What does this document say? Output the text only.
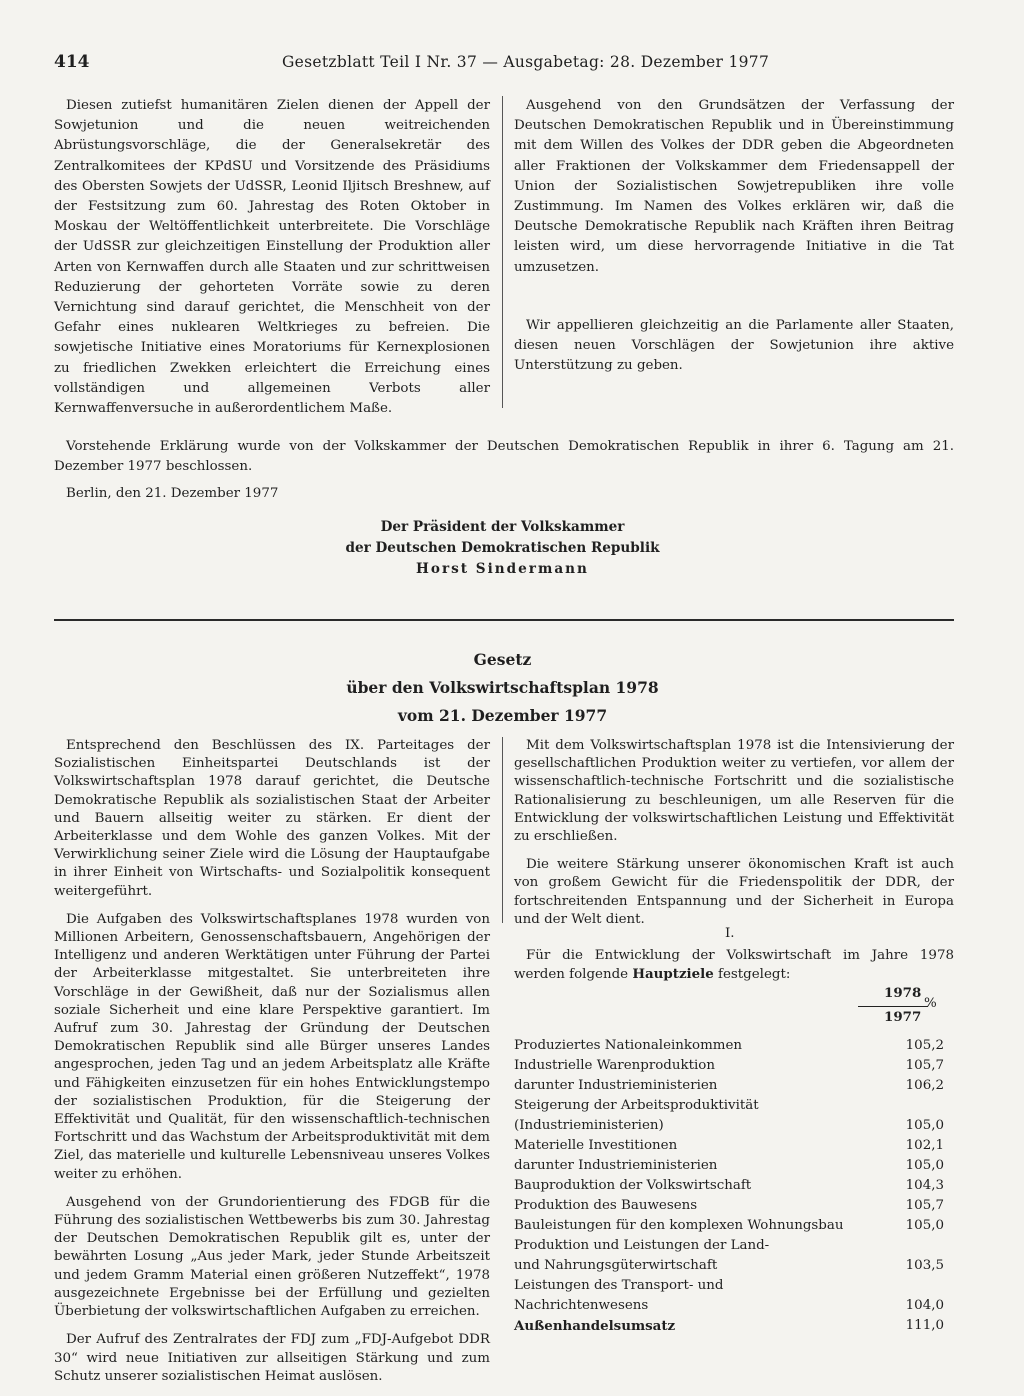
414	Gesetzblatt Teil I Nr. 37 — Ausgabetag: 28. Dezember 1977

Diesen zutiefst humanitären Zielen dienen der Appell der Sowjetunion und die neuen weitreichenden Abrüstungsvorschläge, die der Generalsekretär des Zentralkomitees der KPdSU und Vorsitzende des Präsidiums des Obersten Sowjets der UdSSR, Leonid Iljitsch Breshnew, auf der Festsitzung zum 60. Jahrestag des Roten Oktober in Moskau der Weltöffentlichkeit unterbreitete. Die Vorschläge der UdSSR zur gleichzeitigen Einstellung der Produktion aller Arten von Kernwaffen durch alle Staaten und zur schrittweisen Reduzierung der gehorteten Vorräte sowie zu deren Vernichtung sind darauf gerichtet, die Menschheit von der Gefahr eines nuklearen Weltkrieges zu befreien. Die sowjetische Initiative eines Moratoriums für Kernexplosionen zu friedlichen Zwekken erleichtert die Erreichung eines vollständigen und allgemeinen Verbots aller Kernwaffenversuche in außerordentlichem Maße.

Ausgehend von den Grundsätzen der Verfassung der Deutschen Demokratischen Republik und in Übereinstimmung mit dem Willen des Volkes der DDR geben die Abgeordneten aller Fraktionen der Volkskammer dem Friedensappell der Union der Sozialistischen Sowjetrepubliken ihre volle Zustimmung. Im Namen des Volkes erklären wir, daß die Deutsche Demokratische Republik nach Kräften ihren Beitrag leisten wird, um diese hervorragende Initiative in die Tat umzusetzen.

Wir appellieren gleichzeitig an die Parlamente aller Staaten, diesen neuen Vorschlägen der Sowjetunion ihre aktive Unterstützung zu geben.

Vorstehende Erklärung wurde von der Volkskammer der Deutschen Demokratischen Republik in ihrer 6. Tagung am 21. Dezember 1977 beschlossen.

Berlin, den 21. Dezember 1977
Der Präsident der Volkskammer
der Deutschen Demokratischen Republik
Horst Sindermann
Gesetz
über den Volkswirtschaftsplan 1978
vom 21. Dezember 1977

Entsprechend den Beschlüssen des IX. Parteitages der Sozialistischen Einheitspartei Deutschlands ist der Volkswirtschaftsplan 1978 darauf gerichtet, die Deutsche Demokratische Republik als sozialistischen Staat der Arbeiter und Bauern allseitig weiter zu stärken. Er dient der Arbeiterklasse und dem Wohle des ganzen Volkes. Mit der Verwirklichung seiner Ziele wird die Lösung der Hauptaufgabe in ihrer Einheit von Wirtschafts- und Sozialpolitik konsequent weitergeführt.

Die Aufgaben des Volkswirtschaftsplanes 1978 wurden von Millionen Arbeitern, Genossenschaftsbauern, Angehörigen der Intelligenz und anderen Werktätigen unter Führung der Partei der Arbeiterklasse mitgestaltet. Sie unterbreiteten ihre Vorschläge in der Gewißheit, daß nur der Sozialismus allen soziale Sicherheit und eine klare Perspektive garantiert. Im Aufruf zum 30. Jahrestag der Gründung der Deutschen Demokratischen Republik sind alle Bürger unseres Landes angesprochen, jeden Tag und an jedem Arbeitsplatz alle Kräfte und Fähigkeiten einzusetzen für ein hohes Entwicklungstempo der sozialistischen Produktion, für die Steigerung der Effektivität und Qualität, für den wissenschaftlich-technischen Fortschritt und das Wachstum der Arbeitsproduktivität mit dem Ziel, das materielle und kulturelle Lebensniveau unseres Volkes weiter zu erhöhen.

Ausgehend von der Grundorientierung des FDGB für die Führung des sozialistischen Wettbewerbs bis zum 30. Jahrestag der Deutschen Demokratischen Republik gilt es, unter der bewährten Losung „Aus jeder Mark, jeder Stunde Arbeitszeit und jedem Gramm Material einen größeren Nutzeffekt“, 1978 ausgezeichnete Ergebnisse bei der Erfüllung und gezielten Überbietung der volkswirtschaftlichen Aufgaben zu erreichen.

Der Aufruf des Zentralrates der FDJ zum „FDJ-Aufgebot DDR 30“ wird neue Initiativen zur allseitigen Stärkung und zum Schutz unserer sozialistischen Heimat auslösen.

Mit dem Volkswirtschaftsplan 1978 ist die Intensivierung der gesellschaftlichen Produktion weiter zu vertiefen, vor allem der wissenschaftlich-technische Fortschritt und die sozialistische Rationalisierung zu beschleunigen, um alle Reserven für die Entwicklung der volkswirtschaftlichen Leistung und Effektivität zu erschließen.

Die weitere Stärkung unserer ökonomischen Kraft ist auch von großem Gewicht für die Friedenspolitik der DDR, der fortschreitenden Entspannung und der Sicherheit in Europa und der Welt dient.

I.

Für die Entwicklung der Volkswirtschaft im Jahre 1978 werden folgende Hauptziele festgelegt:

1978
1977
%
Produziertes Nationaleinkommen	105,2
Industrielle Warenproduktion	105,7
darunter Industrieministerien	106,2
Steigerung der Arbeitsproduktivität (Industrieministerien)	105,0
Materielle Investitionen	102,1
darunter Industrieministerien	105,0
Bauproduktion der Volkswirtschaft	104,3
Produktion des Bauwesens	105,7
Bauleistungen für den komplexen Wohnungsbau	105,0
Produktion und Leistungen der Land- und Nahrungsgüterwirtschaft	103,5
Leistungen des Transport- und Nachrichtenwesens	104,0
Außenhandelsumsatz	111,0
